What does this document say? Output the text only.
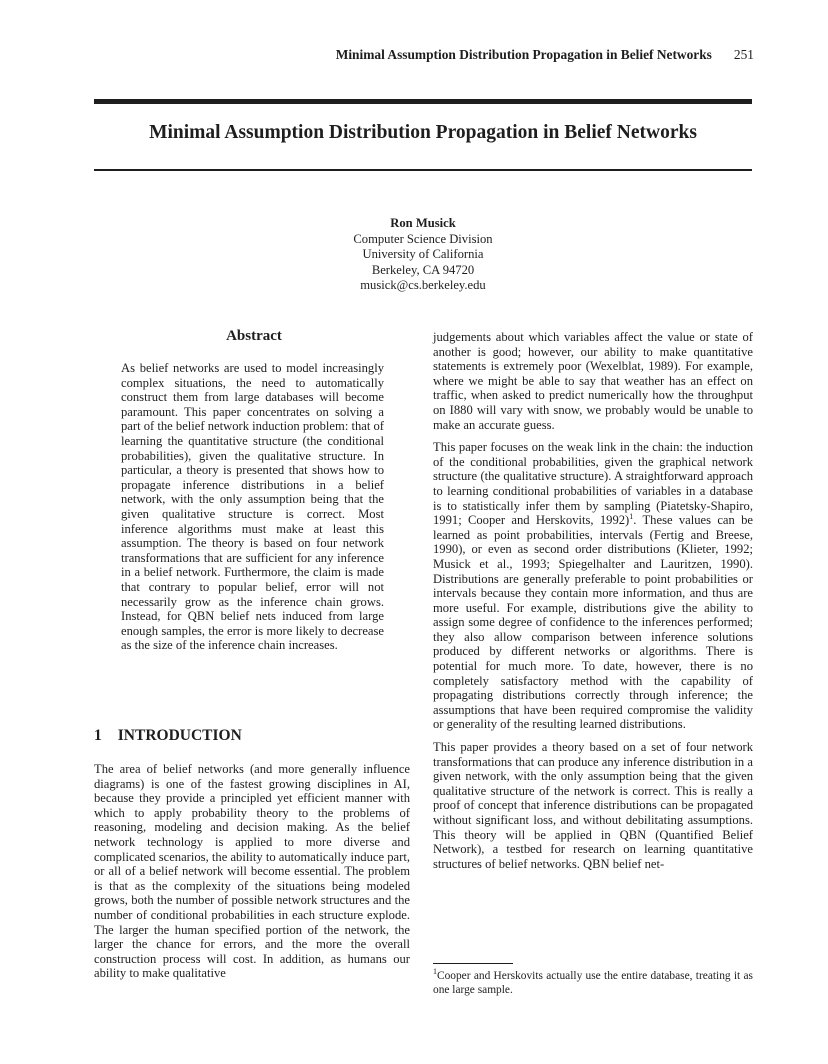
Minimal Assumption Distribution Propagation in Belief Networks 251
Minimal Assumption Distribution Propagation in Belief Networks
Ron Musick
Computer Science Division
University of California
Berkeley, CA 94720
musick@cs.berkeley.edu
Abstract

As belief networks are used to model increasingly complex situations, the need to automatically construct them from large databases will become paramount. This paper concentrates on solving a part of the belief network induction problem: that of learning the quantitative structure (the conditional probabilities), given the qualitative structure. In particular, a theory is presented that shows how to propagate inference distributions in a belief network, with the only assumption being that the given qualitative structure is correct. Most inference algorithms must make at least this assumption. The theory is based on four network transformations that are sufficient for any inference in a belief network. Furthermore, the claim is made that contrary to popular belief, error will not necessarily grow as the inference chain grows. Instead, for QBN belief nets induced from large enough samples, the error is more likely to decrease as the size of the inference chain increases.

1 INTRODUCTION

The area of belief networks (and more generally influence diagrams) is one of the fastest growing disciplines in AI, because they provide a principled yet efficient manner with which to apply probability theory to the problems of reasoning, modeling and decision making. As the belief network technology is applied to more diverse and complicated scenarios, the ability to automatically induce part, or all of a belief network will become essential. The problem is that as the complexity of the situations being modeled grows, both the number of possible network structures and the number of conditional probabilities in each structure explode. The larger the human specified portion of the network, the larger the chance for errors, and the more the overall construction process will cost. In addition, as humans our ability to make qualitative

judgements about which variables affect the value or state of another is good; however, our ability to make quantitative statements is extremely poor (Wexelblat, 1989). For example, where we might be able to say that weather has an effect on traffic, when asked to predict numerically how the throughput on I880 will vary with snow, we probably would be unable to make an accurate guess.

This paper focuses on the weak link in the chain: the induction of the conditional probabilities, given the graphical network structure (the qualitative structure). A straightforward approach to learning conditional probabilities of variables in a database is to statistically infer them by sampling (Piatetsky-Shapiro, 1991; Cooper and Herskovits, 1992)$^1$. These values can be learned as point probabilities, intervals (Fertig and Breese, 1990), or even as second order distributions (Klieter, 1992; Musick et al., 1993; Spiegelhalter and Lauritzen, 1990). Distributions are generally preferable to point probabilities or intervals because they contain more information, and thus are more useful. For example, distributions give the ability to assign some degree of confidence to the inferences performed; they also allow comparison between inference solutions produced by different networks or algorithms. There is potential for much more. To date, however, there is no completely satisfactory method with the capability of propagating distributions correctly through inference; the assumptions that have been required compromise the validity or generality of the resulting learned distributions.

This paper provides a theory based on a set of four network transformations that can produce any inference distribution in a given network, with the only assumption being that the given qualitative structure of the network is correct. This is really a proof of concept that inference distributions can be propagated without significant loss, and without debilitating assumptions. This theory will be applied in QBN (Quantified Belief Network), a testbed for research on learning quantitative structures of belief networks. QBN belief net-

$^1$Cooper and Herskovits actually use the entire database, treating it as one large sample.
